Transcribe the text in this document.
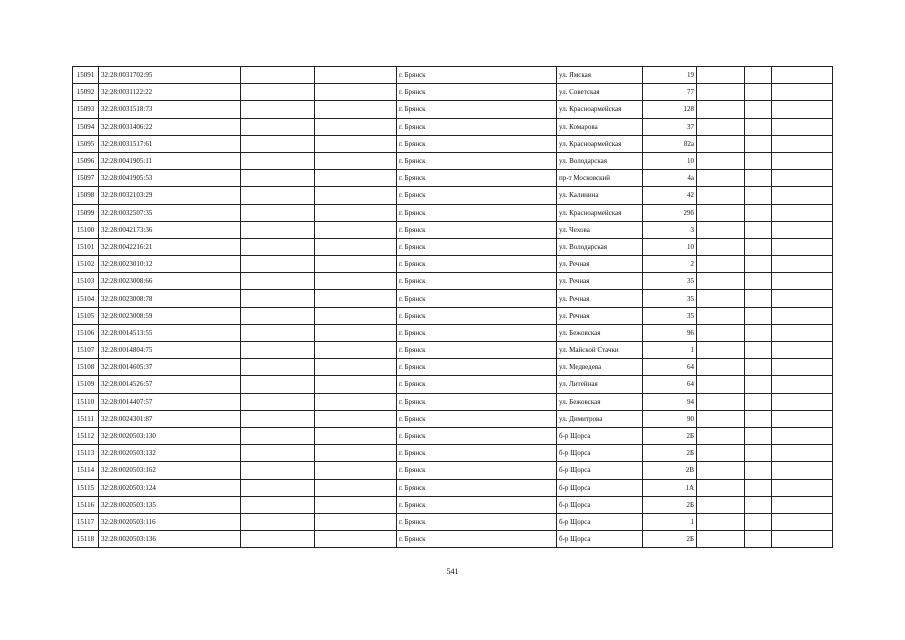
15091	32:28:0031702:95			г. Брянск	ул. Ямская	19			
15092	32:28:0031122:22			г. Брянск	ул. Советская	77			
15093	32:28:0031518:73			г. Брянск	ул. Красноармейская	128			
15094	32:28:0031406:22			г. Брянск	ул. Комарова	37			
15095	32:28:0031517:61			г. Брянск	ул. Красноармейская	82а			
15096	32:28:0041905:11			г. Брянск	ул. Володарская	10			
15097	32:28:0041905:53			г. Брянск	пр-т Московский	4а			
15098	32:28:0032103:29			г. Брянск	ул. Калинина	42			
15099	32:28:0032507:35			г. Брянск	ул. Красноармейская	29б			
15100	32:28:0042173:36			г. Брянск	ул. Чехова	3			
15101	32:28:0042216:21			г. Брянск	ул. Володарская	10			
15102	32:28:0023010:12			г. Брянск	ул. Речная	2			
15103	32:28:0023008:66			г. Брянск	ул. Речная	35			
15104	32:28:0023008:78			г. Брянск	ул. Речная	35			
15105	32:28:0023008:59			г. Брянск	ул. Речная	35			
15106	32:28:0014513:55			г. Брянск	ул. Бежовская	96			
15107	32:28:0014804:75			г. Брянск	ул. Майской Стачки	1			
15108	32:28:0014605:37			г. Брянск	ул. Медведева	64			
15109	32:28:0014526:57			г. Брянск	ул. Литейная	64			
15110	32:28:0014407:57			г. Брянск	ул. Бежовская	94			
15111	32:28:0024301:87			г. Брянск	ул. Димитрова	90			
15112	32:28:0020503:130			г. Брянск	б-р Щорса	2Б			
15113	32:28:0020503:132			г. Брянск	б-р Щорса	2Б			
15114	32:28:0020503:162			г. Брянск	б-р Щорса	2В			
15115	32:28:0020503:124			г. Брянск	б-р Щорса	1А			
15116	32:28:0020503:135			г. Брянск	б-р Щорса	2Б			
15117	32:28:0020503:116			г. Брянск	б-р Щорса	1			
15118	32:28:0020503:136			г. Брянск	б-р Щорса	2Б			
541
